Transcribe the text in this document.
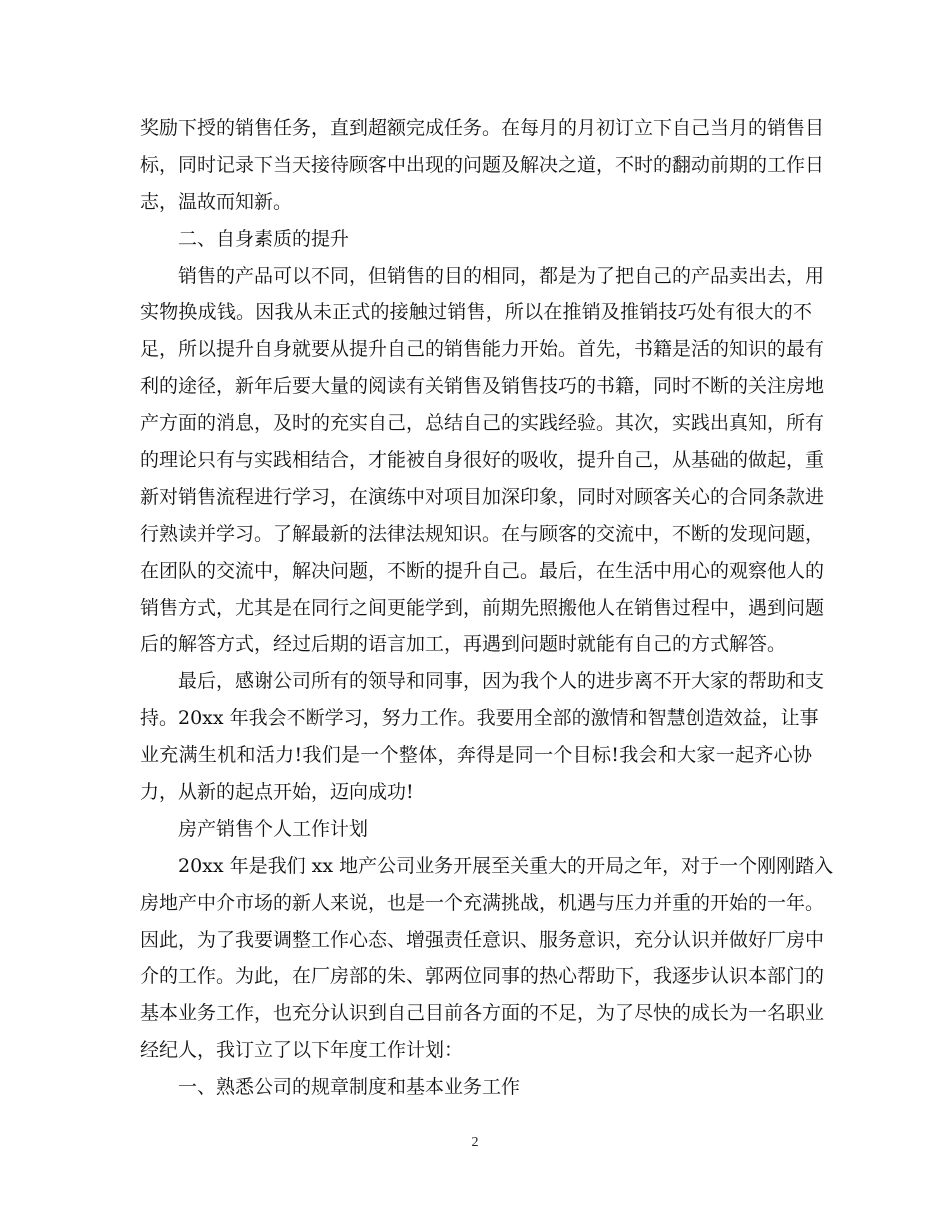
奖励下授的销售任务，直到超额完成任务。在每月的月初订立下自己当月的销售目
标，同时记录下当天接待顾客中出现的问题及解决之道，不时的翻动前期的工作日
志，温故而知新。
二、自身素质的提升
销售的产品可以不同，但销售的目的相同，都是为了把自己的产品卖出去，用
实物换成钱。因我从未正式的接触过销售，所以在推销及推销技巧处有很大的不
足，所以提升自身就要从提升自己的销售能力开始。首先，书籍是活的知识的最有
利的途径，新年后要大量的阅读有关销售及销售技巧的书籍，同时不断的关注房地
产方面的消息，及时的充实自己，总结自己的实践经验。其次，实践出真知，所有
的理论只有与实践相结合，才能被自身很好的吸收，提升自己，从基础的做起，重
新对销售流程进行学习，在演练中对项目加深印象，同时对顾客关心的合同条款进
行熟读并学习。了解最新的法律法规知识。在与顾客的交流中，不断的发现问题，
在团队的交流中，解决问题，不断的提升自己。最后，在生活中用心的观察他人的
销售方式，尤其是在同行之间更能学到，前期先照搬他人在销售过程中，遇到问题
后的解答方式，经过后期的语言加工，再遇到问题时就能有自己的方式解答。
最后，感谢公司所有的领导和同事，因为我个人的进步离不开大家的帮助和支
持。20xx 年我会不断学习，努力工作。我要用全部的激情和智慧创造效益，让事
业充满生机和活力!我们是一个整体，奔得是同一个目标!我会和大家一起齐心协
力，从新的起点开始，迈向成功!
房产销售个人工作计划
20xx 年是我们 xx 地产公司业务开展至关重大的开局之年，对于一个刚刚踏入
房地产中介市场的新人来说，也是一个充满挑战，机遇与压力并重的开始的一年。
因此，为了我要调整工作心态、增强责任意识、服务意识，充分认识并做好厂房中
介的工作。为此，在厂房部的朱、郭两位同事的热心帮助下，我逐步认识本部门的
基本业务工作，也充分认识到自己目前各方面的不足，为了尽快的成长为一名职业
经纪人，我订立了以下年度工作计划：
一、熟悉公司的规章制度和基本业务工作
2
